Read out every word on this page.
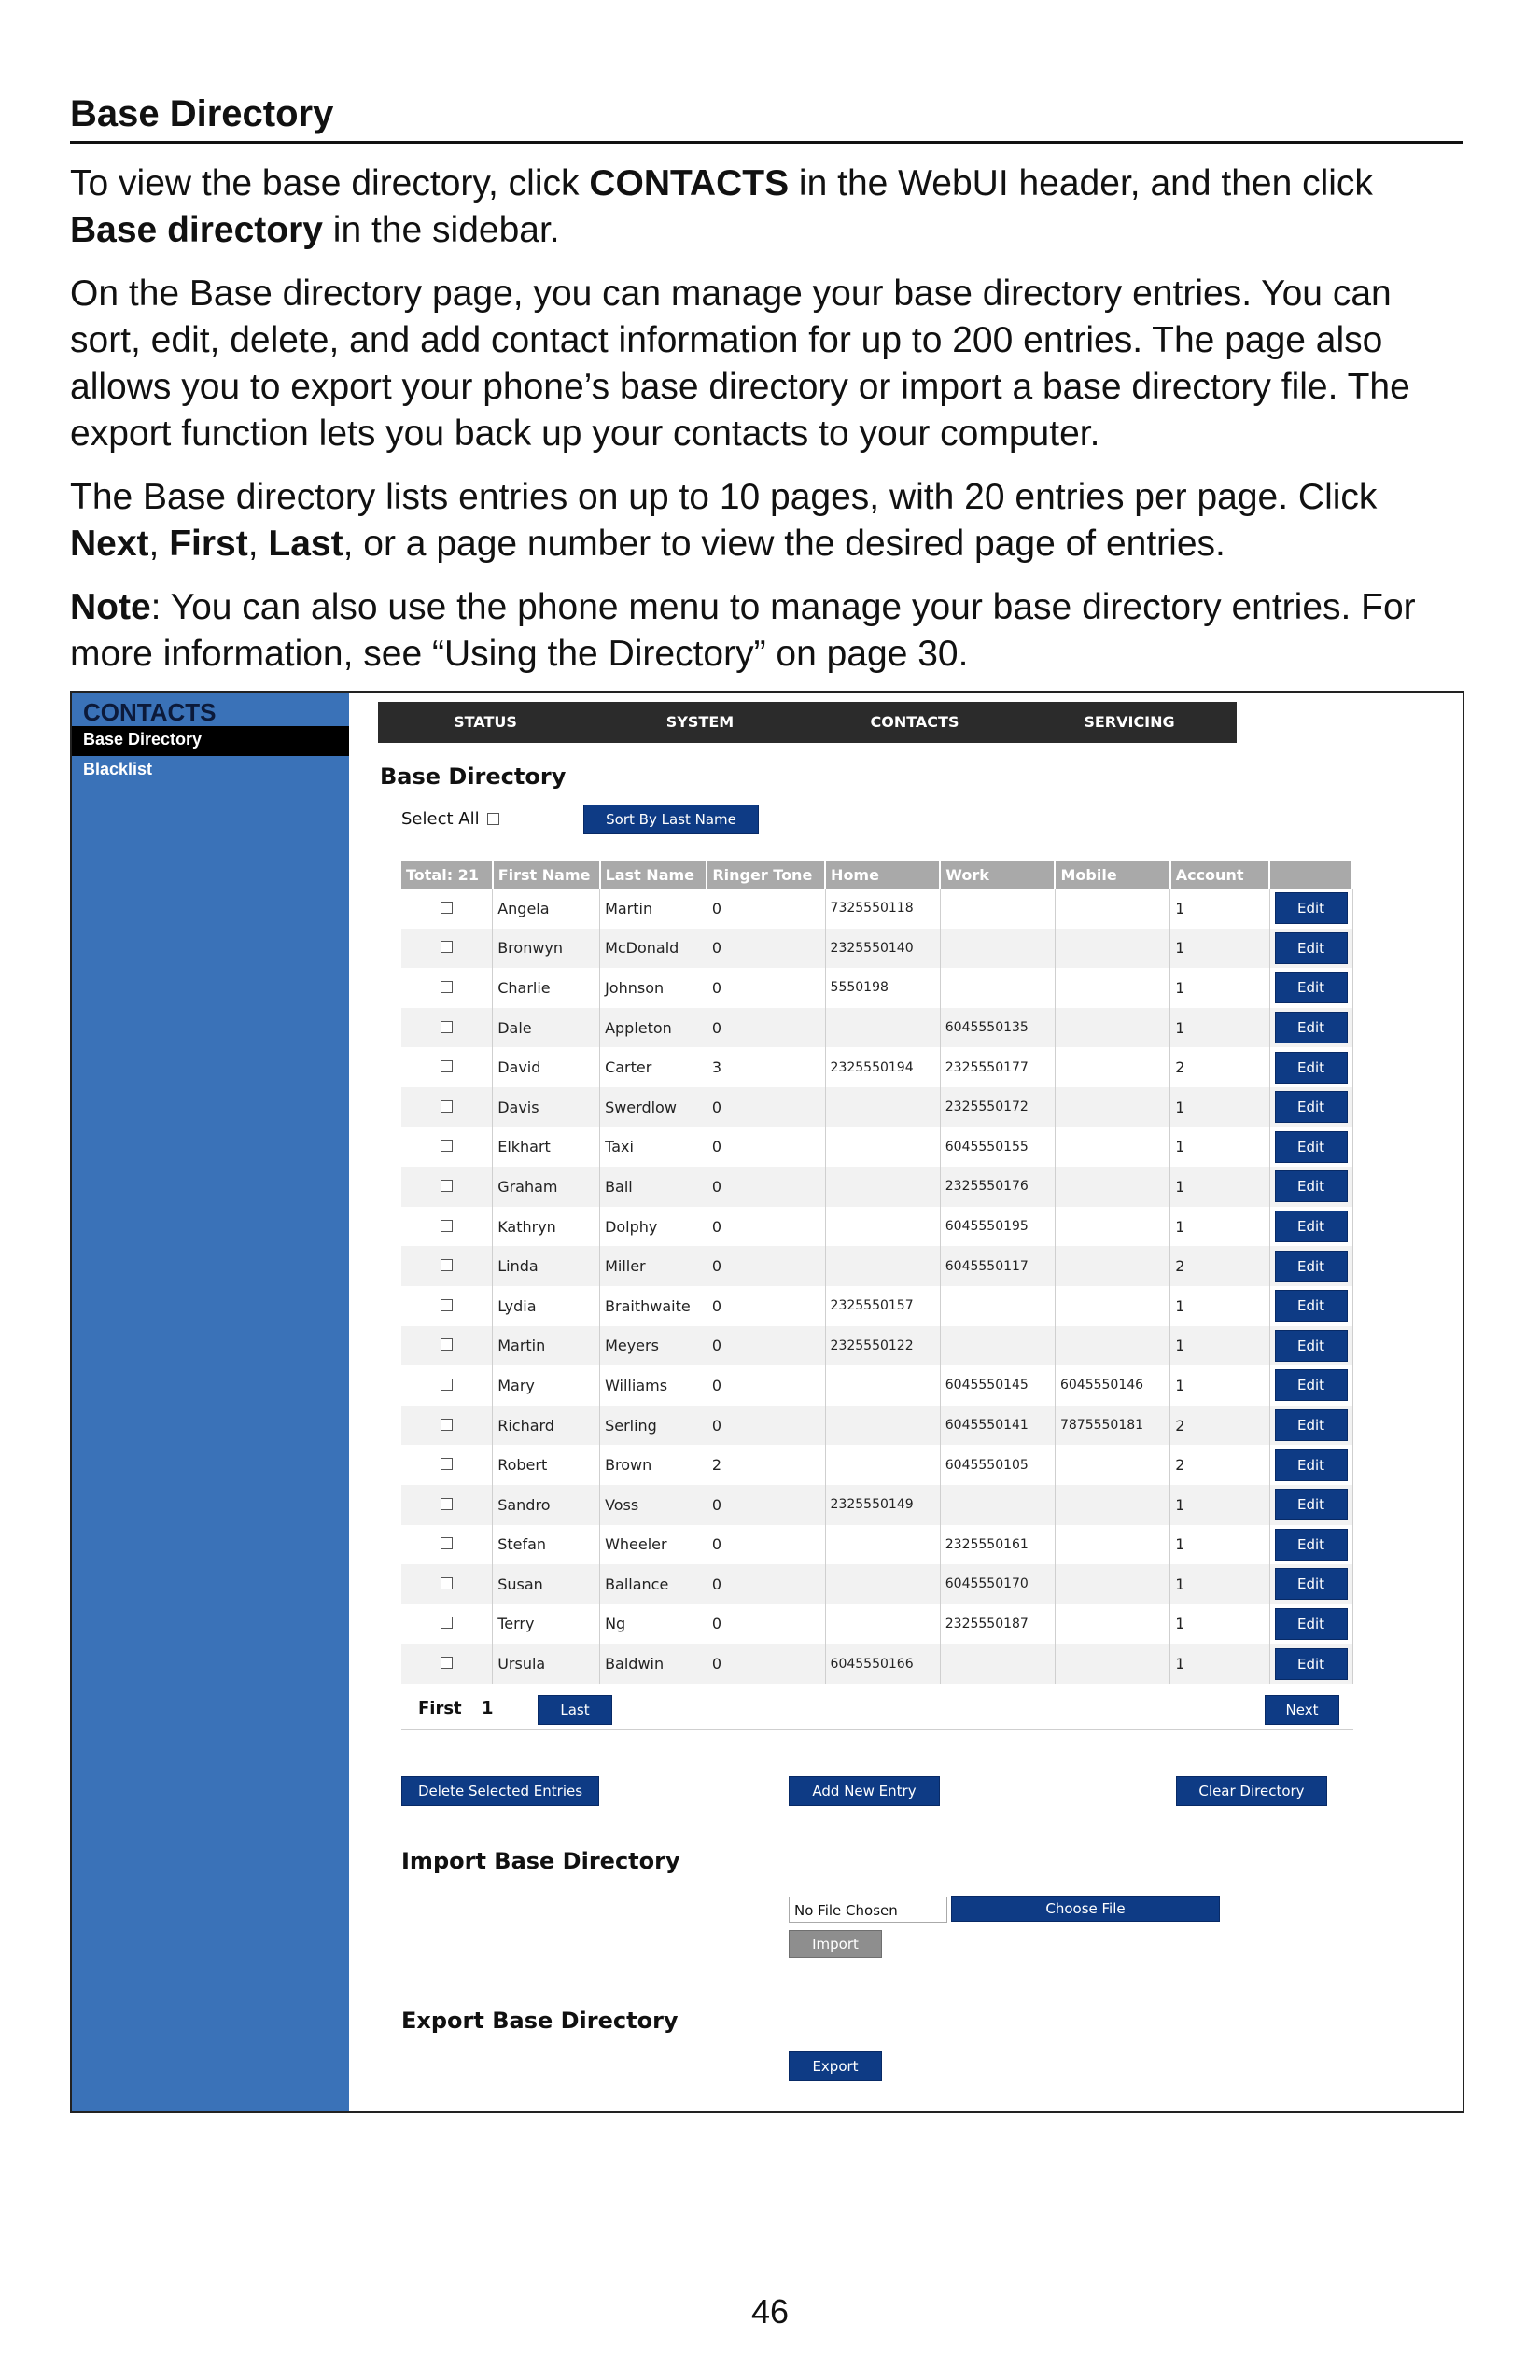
Base Directory

To view the base directory, click CONTACTS in the WebUI header, and then click Base directory in the sidebar.

On the Base directory page, you can manage your base directory entries. You can sort, edit, delete, and add contact information for up to 200 entries. The page also allows you to export your phone’s base directory or import a base directory file. The export function lets you back up your contacts to your computer.

The Base directory lists entries on up to 10 pages, with 20 entries per page. Click Next, First, Last, or a page number to view the desired page of entries.

Note: You can also use the phone menu to manage your base directory entries. For more information, see “Using the Directory” on page 30.

CONTACTS
Base Directory
Blacklist
STATUS	SYSTEM	CONTACTS	SERVICING
Base Directory
Select All	Sort By Last Name
Total: 21	First Name	Last Name	Ringer Tone	Home	Work	Mobile	Account	
	Angela	Martin	0	7325550118			1	Edit

	Bronwyn	McDonald	0	2325550140			1	Edit

	Charlie	Johnson	0	5550198			1	Edit

	Dale	Appleton	0		6045550135		1	Edit

	David	Carter	3	2325550194	2325550177		2	Edit

	Davis	Swerdlow	0		2325550172		1	Edit

	Elkhart	Taxi	0		6045550155		1	Edit

	Graham	Ball	0		2325550176		1	Edit

	Kathryn	Dolphy	0		6045550195		1	Edit

	Linda	Miller	0		6045550117		2	Edit

	Lydia	Braithwaite	0	2325550157			1	Edit

	Martin	Meyers	0	2325550122			1	Edit

	Mary	Williams	0		6045550145	6045550146	1	Edit

	Richard	Serling	0		6045550141	7875550181	2	Edit

	Robert	Brown	2		6045550105		2	Edit

	Sandro	Voss	0	2325550149			1	Edit

	Stefan	Wheeler	0		2325550161		1	Edit

	Susan	Ballance	0		6045550170		1	Edit

	Terry	Ng	0		2325550187		1	Edit

	Ursula	Baldwin	0	6045550166			1	Edit
First 1	Last	Next
Delete Selected Entries	Add New Entry	Clear Directory
Import Base Directory
No File Chosen	Choose File
Import
Export Base Directory
Export
46
